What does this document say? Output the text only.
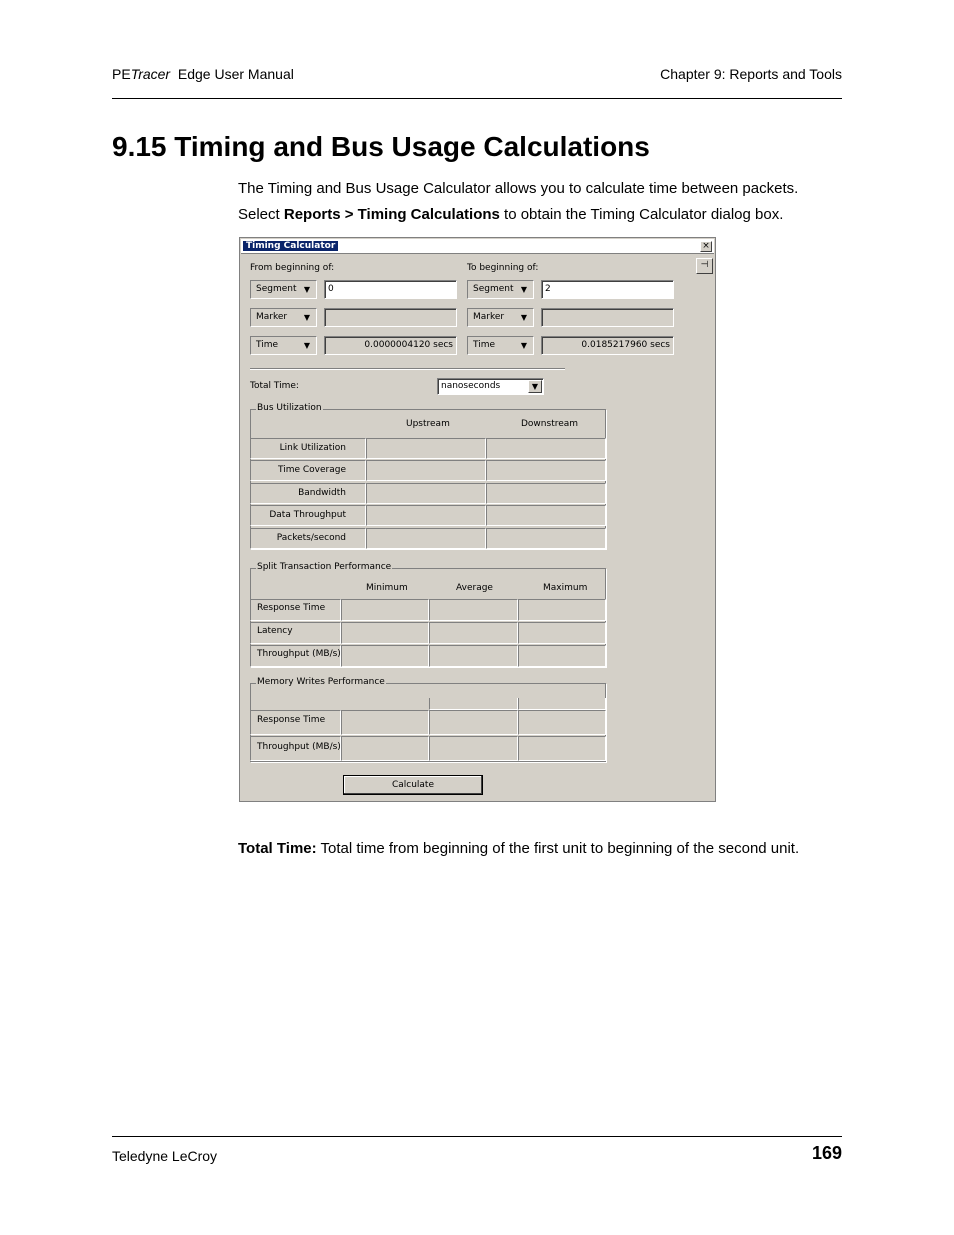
PETracer Edge User Manual	Chapter 9: Reports and Tools
9.15 Timing and Bus Usage Calculations
The Timing and Bus Usage Calculator allows you to calculate time between packets.
Select Reports > Timing Calculations to obtain the Timing Calculator dialog box.
Timing Calculator	×
⊣
From beginning of:
Segment ▼	0
Marker	▼
Time	▼	0.0000004120 secs
To beginning of:
Segment ▼	2
Marker	▼
Time	▼	0.0185217960 secs
Total Time:	nanoseconds	▼
Bus Utilization
Upstream	Downstream
Link Utilization
Time Coverage
Bandwidth
Data Throughput
Packets/second
Split Transaction Performance
Minimum	Average	Maximum
Response Time
Latency
Throughput (MB/s)
Memory Writes Performance
Response Time
Throughput (MB/s)
Calculate
Total Time: Total time from beginning of the first unit to beginning of the second unit.
Teledyne LeCroy	169
